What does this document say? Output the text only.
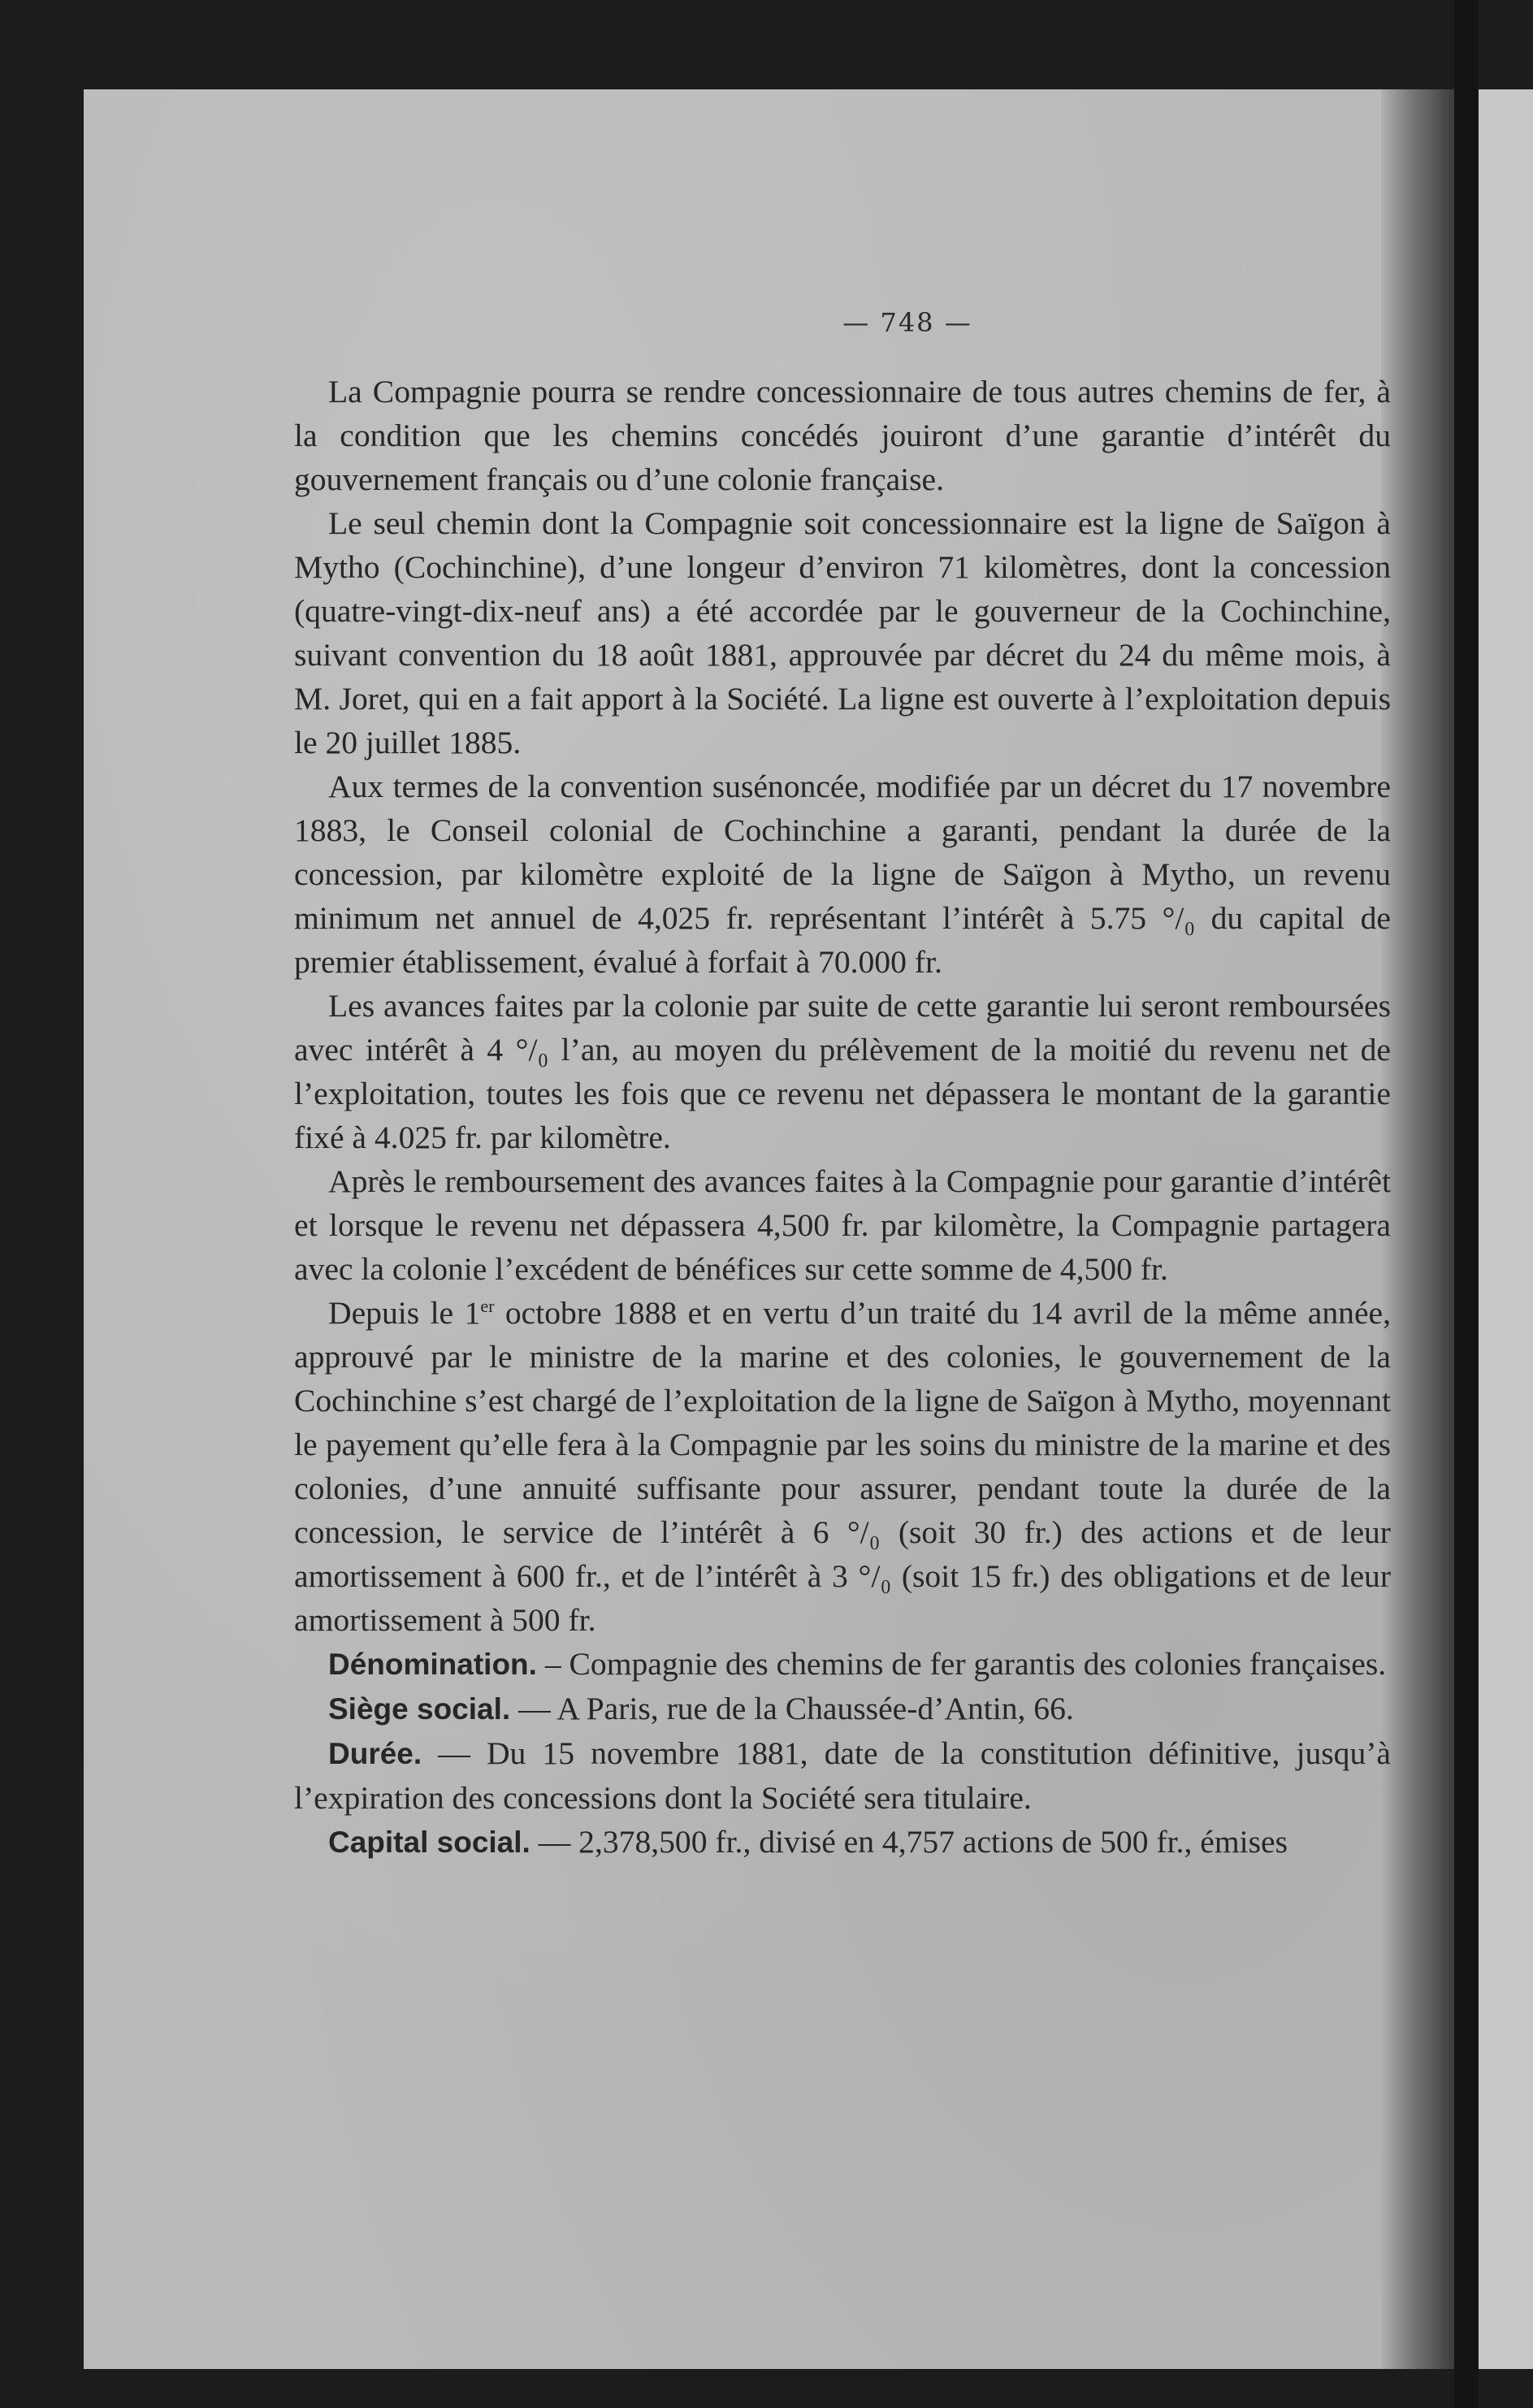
— 748 —

La Compagnie pourra se rendre concessionnaire de tous autres chemins de fer, à la condition que les chemins concédés jouiront d’une garantie d’intérêt du gouvernement français ou d’une colonie française.

Le seul chemin dont la Compagnie soit concessionnaire est la ligne de Saïgon à Mytho (Cochinchine), d’une longeur d’environ 71 kilomètres, dont la concession (quatre-vingt-dix-neuf ans) a été accordée par le gouverneur de la Cochinchine, suivant convention du 18 août 1881, approuvée par décret du 24 du même mois, à M. Joret, qui en a fait apport à la Société. La ligne est ouverte à l’exploitation depuis le 20 juillet 1885.

Aux termes de la convention susénoncée, modifiée par un décret du 17 novembre 1883, le Conseil colonial de Cochinchine a garanti, pendant la durée de la concession, par kilomètre exploité de la ligne de Saïgon à Mytho, un revenu minimum net annuel de 4,025 fr. représentant l’intérêt à 5.75 °/₀ du capital de premier établissement, évalué à forfait à 70.000 fr.

Les avances faites par la colonie par suite de cette garantie lui seront remboursées avec intérêt à 4 °/₀ l’an, au moyen du prélèvement de la moitié du revenu net de l’exploitation, toutes les fois que ce revenu net dépassera le montant de la garantie fixé à 4.025 fr. par kilomètre.

Après le remboursement des avances faites à la Compagnie pour garantie d’intérêt et lorsque le revenu net dépassera 4,500 fr. par kilomètre, la Compagnie partagera avec la colonie l’excédent de bénéfices sur cette somme de 4,500 fr.

Depuis le 1er octobre 1888 et en vertu d’un traité du 14 avril de la même année, approuvé par le ministre de la marine et des colonies, le gouvernement de la Cochinchine s’est chargé de l’exploitation de la ligne de Saïgon à Mytho, moyennant le payement qu’elle fera à la Compagnie par les soins du ministre de la marine et des colonies, d’une annuité suffisante pour assurer, pendant toute la durée de la concession, le service de l’intérêt à 6 °/₀ (soit 30 fr.) des actions et de leur amortissement à 600 fr., et de l’intérêt à 3 °/₀ (soit 15 fr.) des obligations et de leur amortissement à 500 fr.

Dénomination. – Compagnie des chemins de fer garantis des colonies françaises.

Siège social. — A Paris, rue de la Chaussée-d’Antin, 66.

Durée. — Du 15 novembre 1881, date de la constitution définitive, jusqu’à l’expiration des concessions dont la Société sera titulaire.

Capital social. — 2,378,500 fr., divisé en 4,757 actions de 500 fr., émises
